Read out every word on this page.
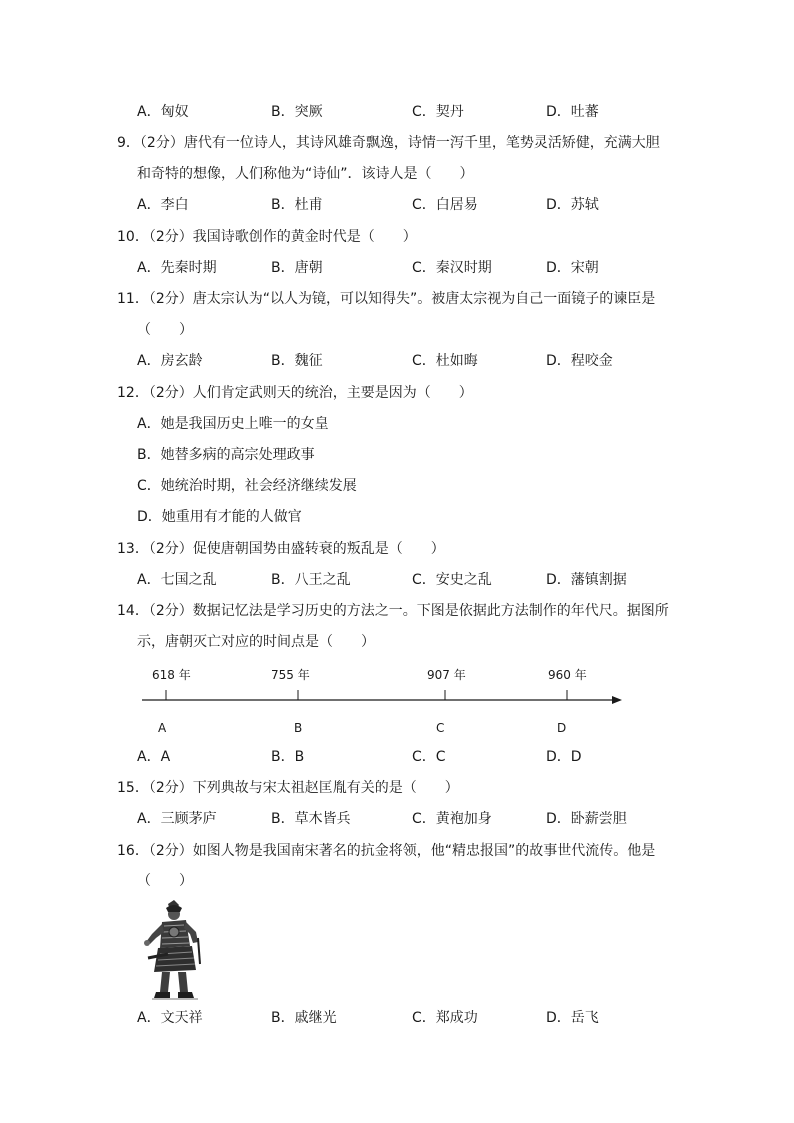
A．匈奴	B．突厥	C．契丹	D．吐蕃
9．（2分）唐代有一位诗人，其诗风雄奇飘逸，诗情一泻千里，笔势灵活矫健，充满大胆
和奇特的想像，人们称他为“诗仙”．该诗人是（　　）
A．李白	B．杜甫	C．白居易	D．苏轼
10．（2分）我国诗歌创作的黄金时代是（　　）
A．先秦时期	B．唐朝	C．秦汉时期	D．宋朝
11．（2分）唐太宗认为“以人为镜，可以知得失”。被唐太宗视为自己一面镜子的谏臣是
（　　）
A．房玄龄	B．魏征	C．杜如晦	D．程咬金
12．（2分）人们肯定武则天的统治，主要是因为（　　）
A．她是我国历史上唯一的女皇
B．她替多病的高宗处理政事
C．她统治时期，社会经济继续发展
D．她重用有才能的人做官
13．（2分）促使唐朝国势由盛转衰的叛乱是（　　）
A．七国之乱	B．八王之乱	C．安史之乱	D．藩镇割据
14．（2分）数据记忆法是学习历史的方法之一。下图是依据此方法制作的年代尺。据图所
示，唐朝灭亡对应的时间点是（　　）
618 年	755 年	907 年	960 年
A	B	C	D
A．A	B．B	C．C	D．D
15．（2分）下列典故与宋太祖赵匡胤有关的是（　　）
A．三顾茅庐	B．草木皆兵	C．黄袍加身	D．卧薪尝胆
16．（2分）如图人物是我国南宋著名的抗金将领，他“精忠报国”的故事世代流传。他是
（　　）
A．文天祥	B．戚继光	C．郑成功	D．岳飞
